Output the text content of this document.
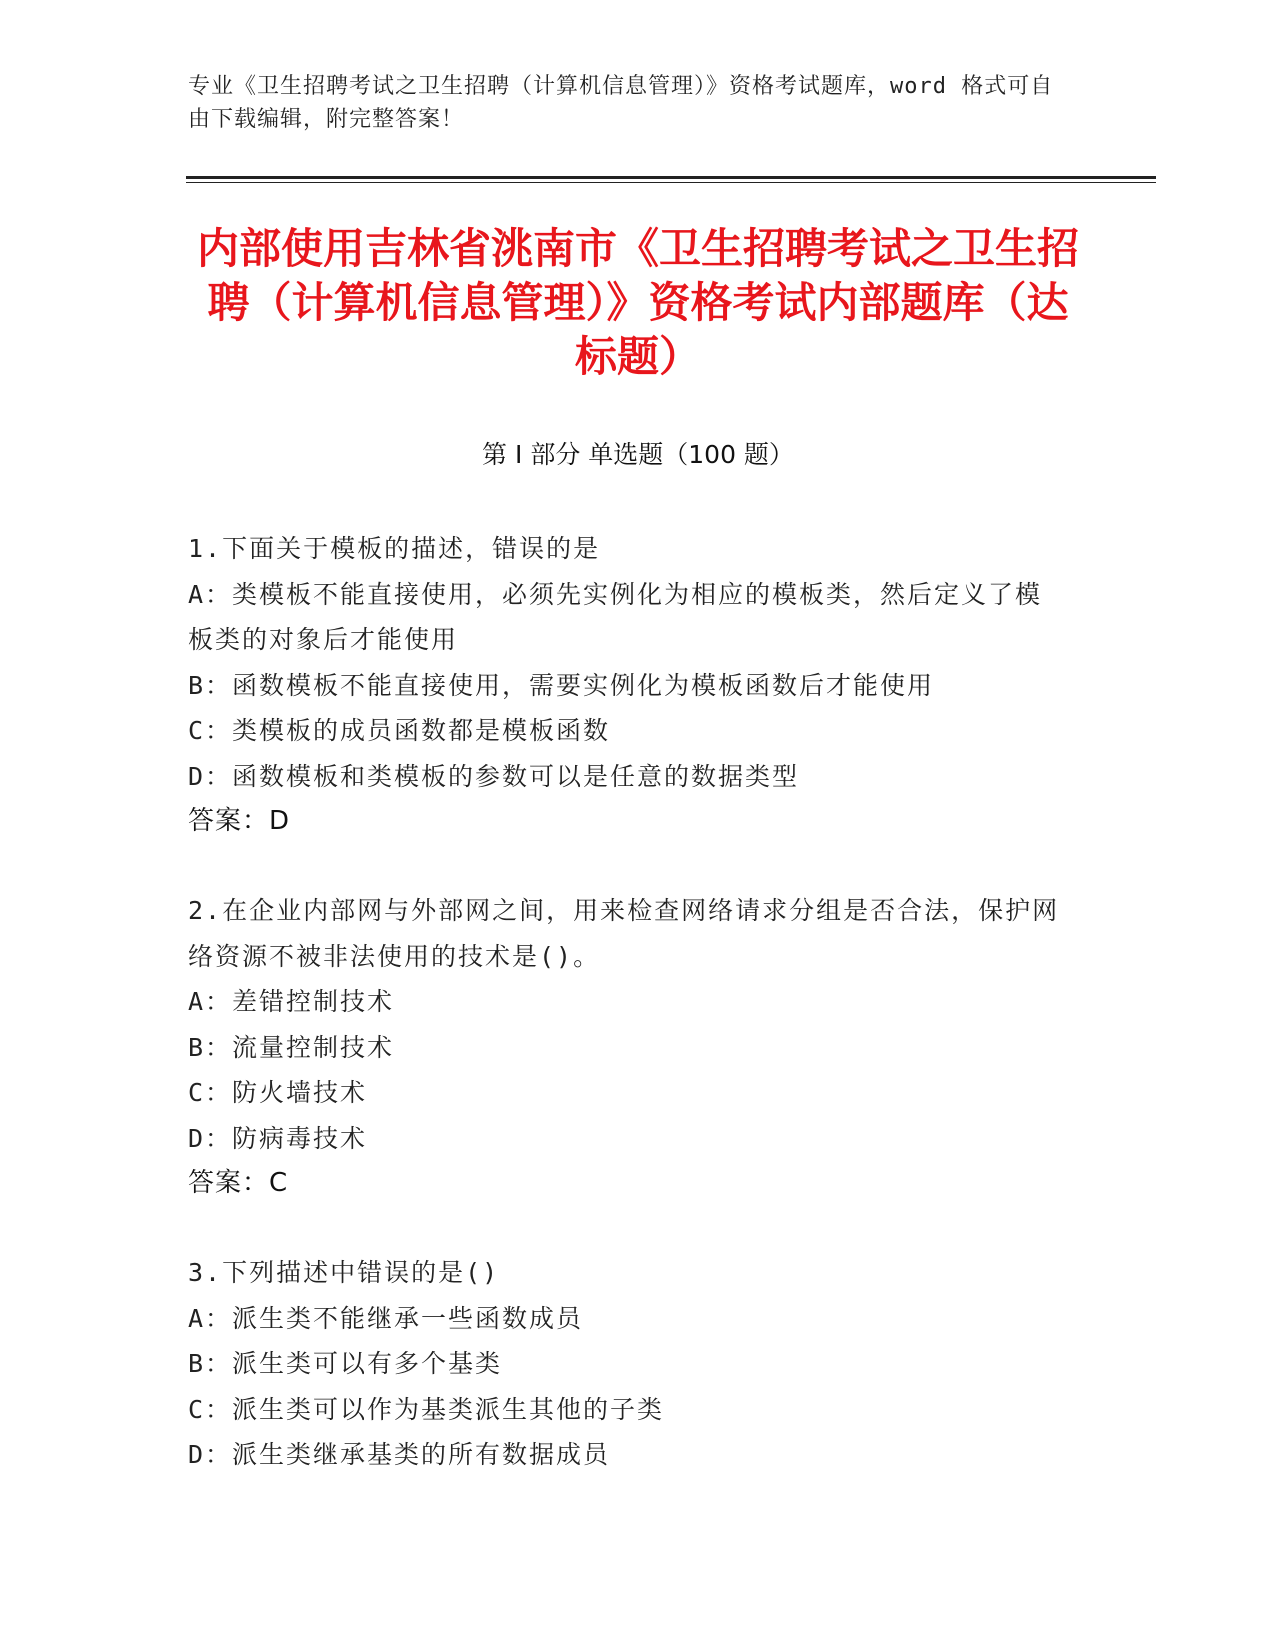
专业《卫生招聘考试之卫生招聘（计算机信息管理）》资格考试题库，word 格式可自由下载编辑，附完整答案！
内部使用吉林省洮南市《卫生招聘考试之卫生招聘（计算机信息管理）》资格考试内部题库（达标题）
第 I 部分 单选题（100 题）
1.下面关于模板的描述，错误的是
A：类模板不能直接使用，必须先实例化为相应的模板类，然后定义了模板类的对象后才能使用
B：函数模板不能直接使用，需要实例化为模板函数后才能使用
C：类模板的成员函数都是模板函数
D：函数模板和类模板的参数可以是任意的数据类型
答案：D
2.在企业内部网与外部网之间，用来检查网络请求分组是否合法，保护网络资源不被非法使用的技术是()。
A：差错控制技术
B：流量控制技术
C：防火墙技术
D：防病毒技术
答案：C
3.下列描述中错误的是()
A：派生类不能继承一些函数成员
B：派生类可以有多个基类
C：派生类可以作为基类派生其他的子类
D：派生类继承基类的所有数据成员
